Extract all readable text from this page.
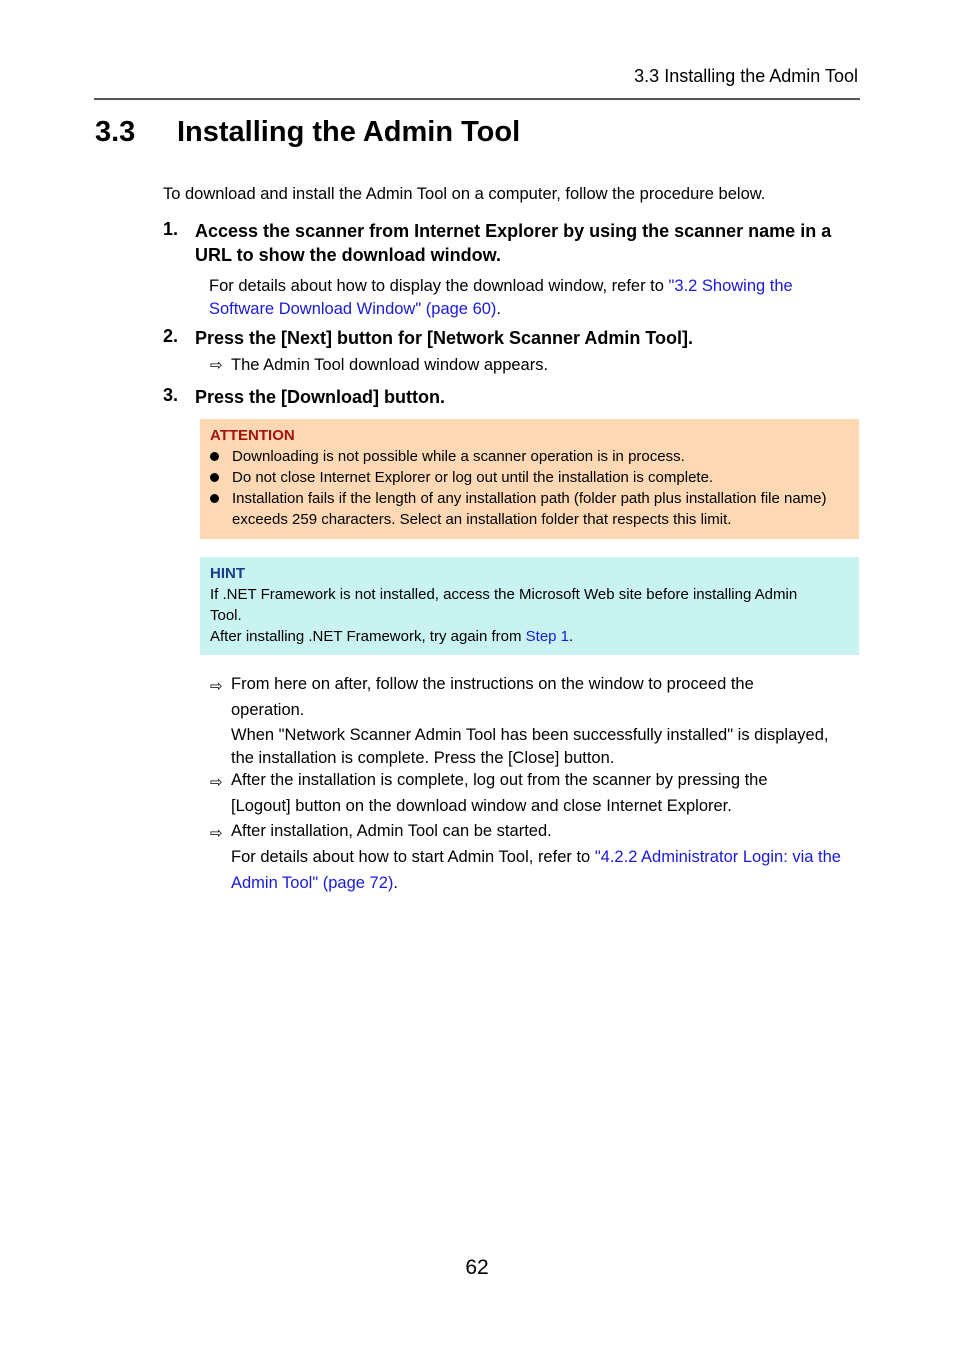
3.3 Installing the Admin Tool
3.3 Installing the Admin Tool
To download and install the Admin Tool on a computer, follow the procedure below.
1. Access the scanner from Internet Explorer by using the scanner name in a URL to show the download window.
For details about how to display the download window, refer to "3.2 Showing the Software Download Window" (page 60).
2. Press the [Next] button for [Network Scanner Admin Tool].
⇨ The Admin Tool download window appears.
3. Press the [Download] button.
ATTENTION
Downloading is not possible while a scanner operation is in process.
Do not close Internet Explorer or log out until the installation is complete.
Installation fails if the length of any installation path (folder path plus installation file name) exceeds 259 characters. Select an installation folder that respects this limit.
HINT
If .NET Framework is not installed, access the Microsoft Web site before installing Admin Tool.
After installing .NET Framework, try again from Step 1.
⇨ From here on after, follow the instructions on the window to proceed the operation.
When "Network Scanner Admin Tool has been successfully installed" is displayed, the installation is complete. Press the [Close] button.
⇨ After the installation is complete, log out from the scanner by pressing the [Logout] button on the download window and close Internet Explorer.
⇨ After installation, Admin Tool can be started.
For details about how to start Admin Tool, refer to "4.2.2 Administrator Login: via the Admin Tool" (page 72).
62
